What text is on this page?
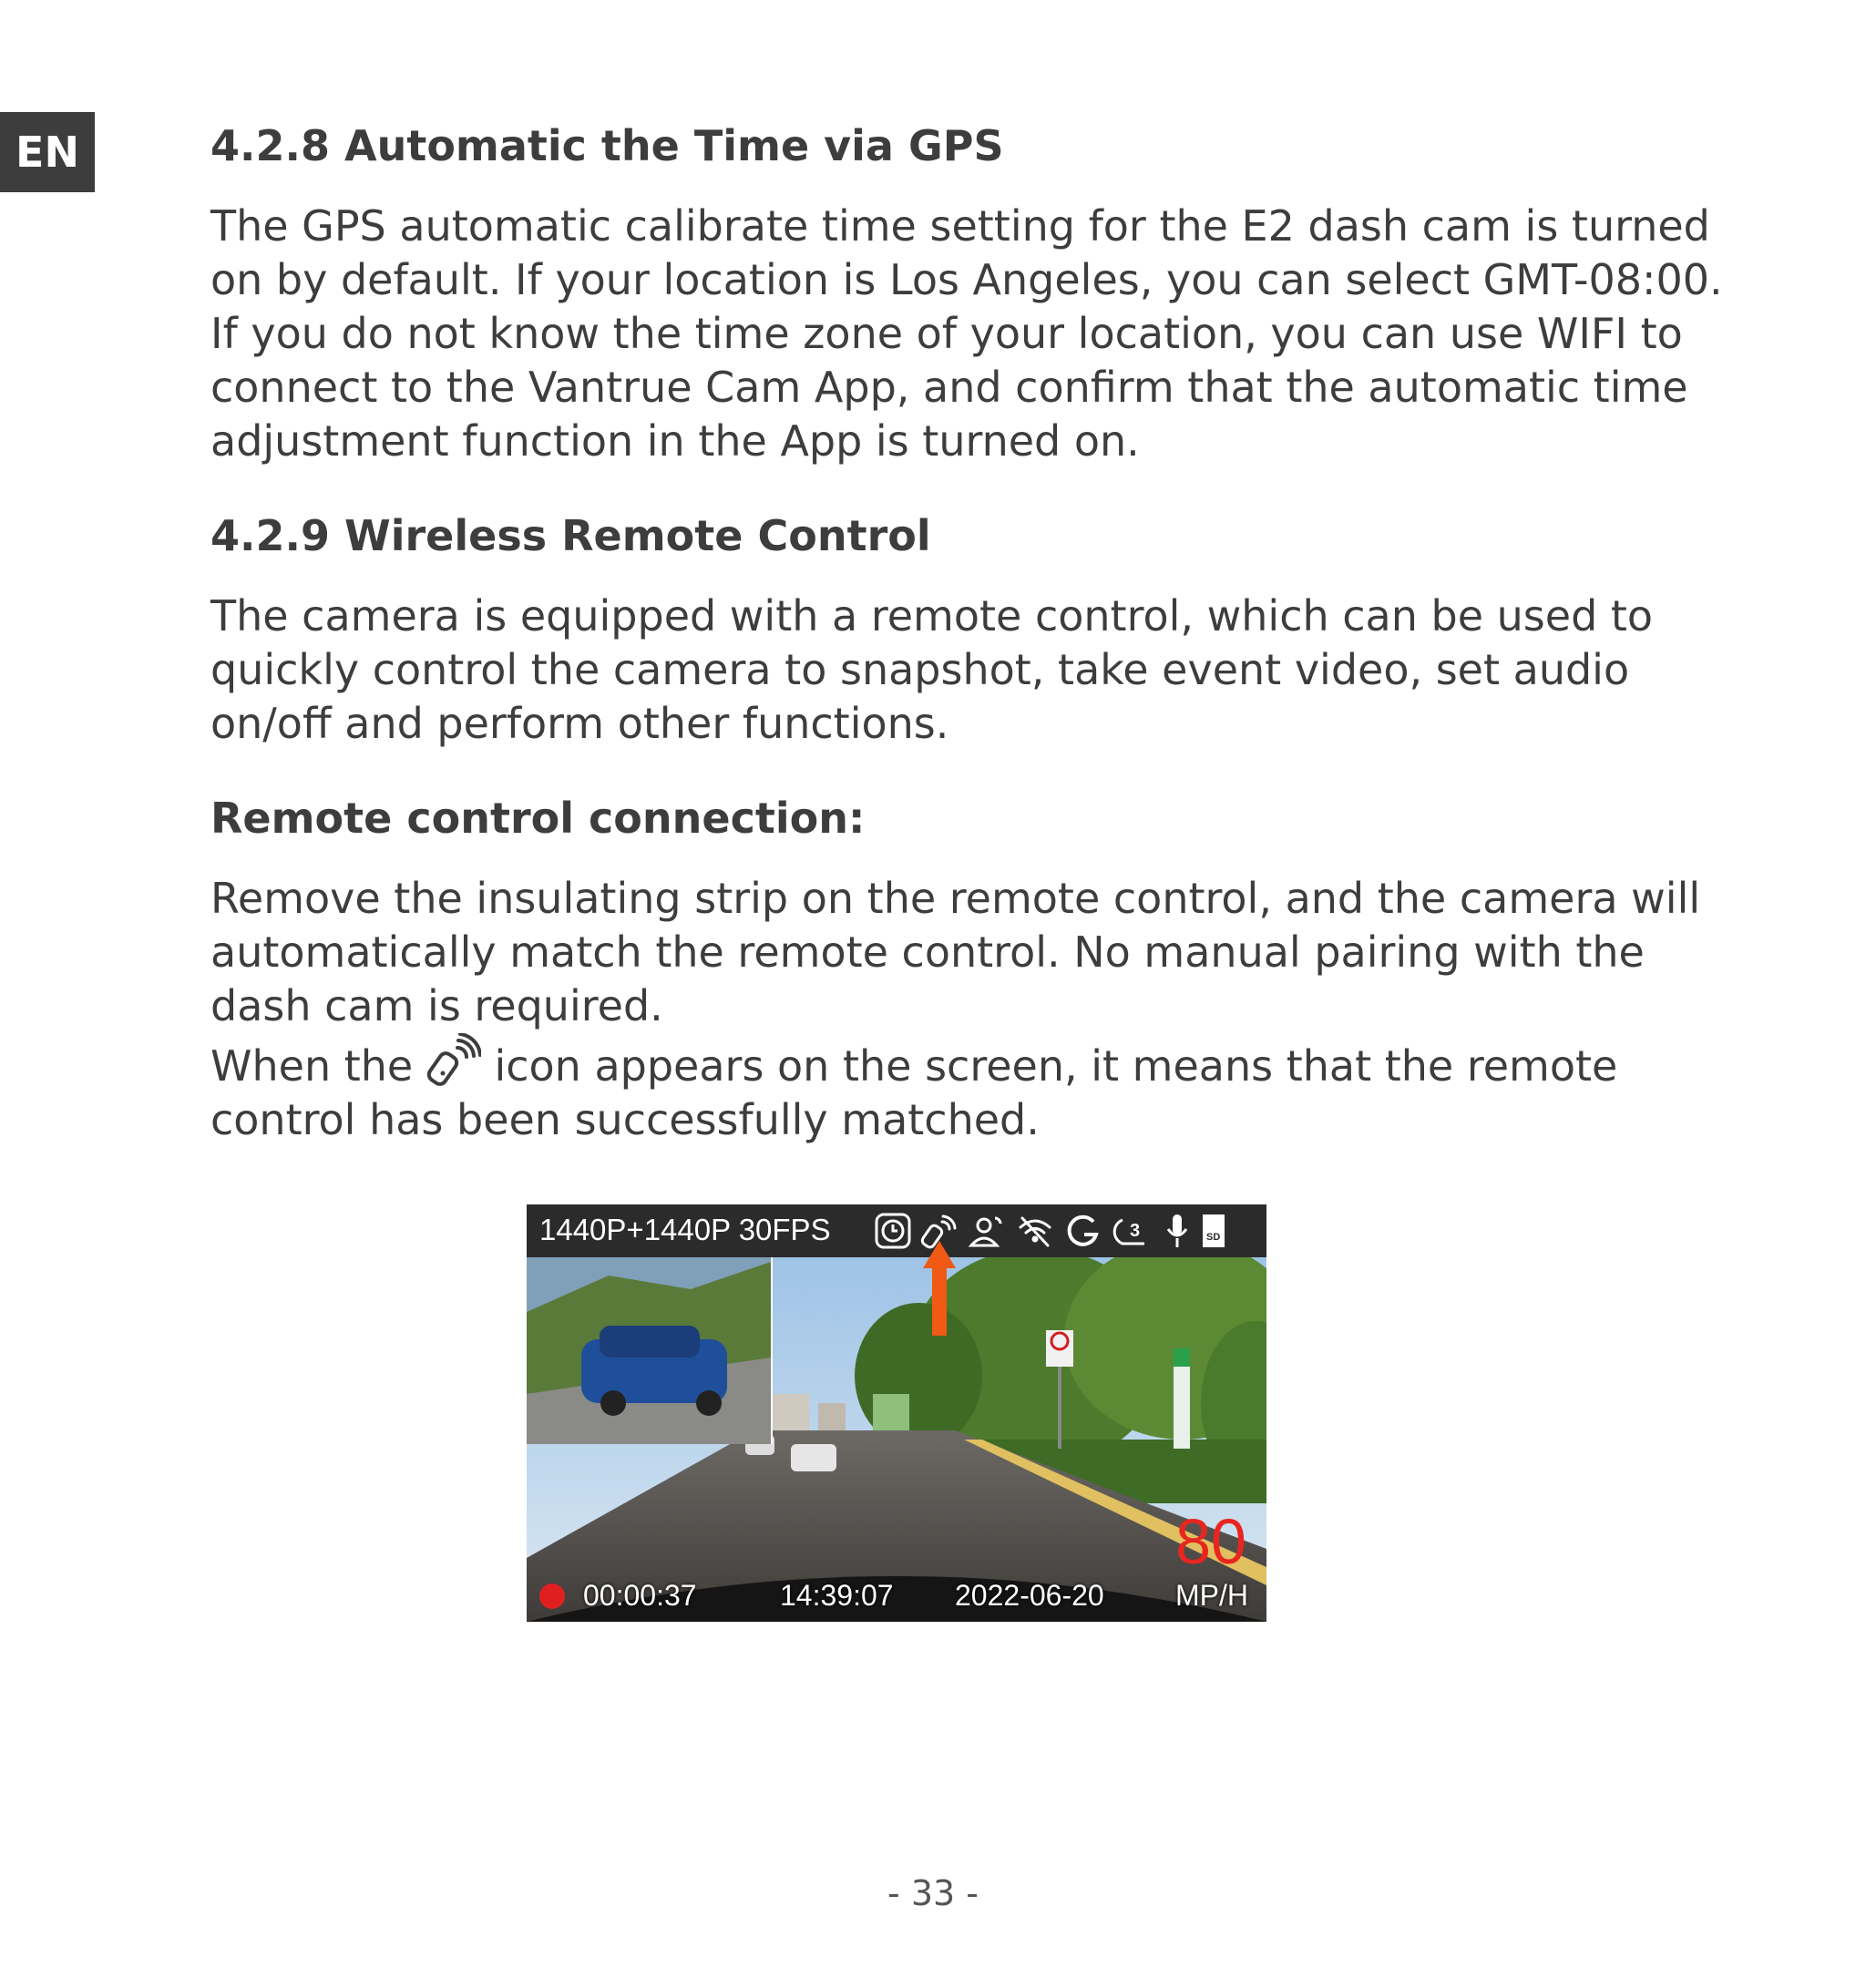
EN	4.2.8 Automatic the Time via GPS

The GPS automatic calibrate time setting for the E2 dash cam is turned

on by default. If your location is Los Angeles, you can select GMT-08:00.

If you do not know the time zone of your location, you can use WIFI to

connect to the Vantrue Cam App, and confirm that the automatic time

adjustment function in the App is turned on.

4.2.9 Wireless Remote Control

The camera is equipped with a remote control, which can be used to

quickly control the camera to snapshot, take event video, set audio

on/off and perform other functions.

Remote control connection:

Remove the insulating strip on the remote control, and the camera will

automatically match the remote control. No manual pairing with the

dash cam is required.

When the icon appears on the screen, it means that the remote

control has been successfully matched.

1440P+1440P 30FPS	3	SD
80
00:00:37	14:39:07 2022-06-20 MP/H
- 33 -
